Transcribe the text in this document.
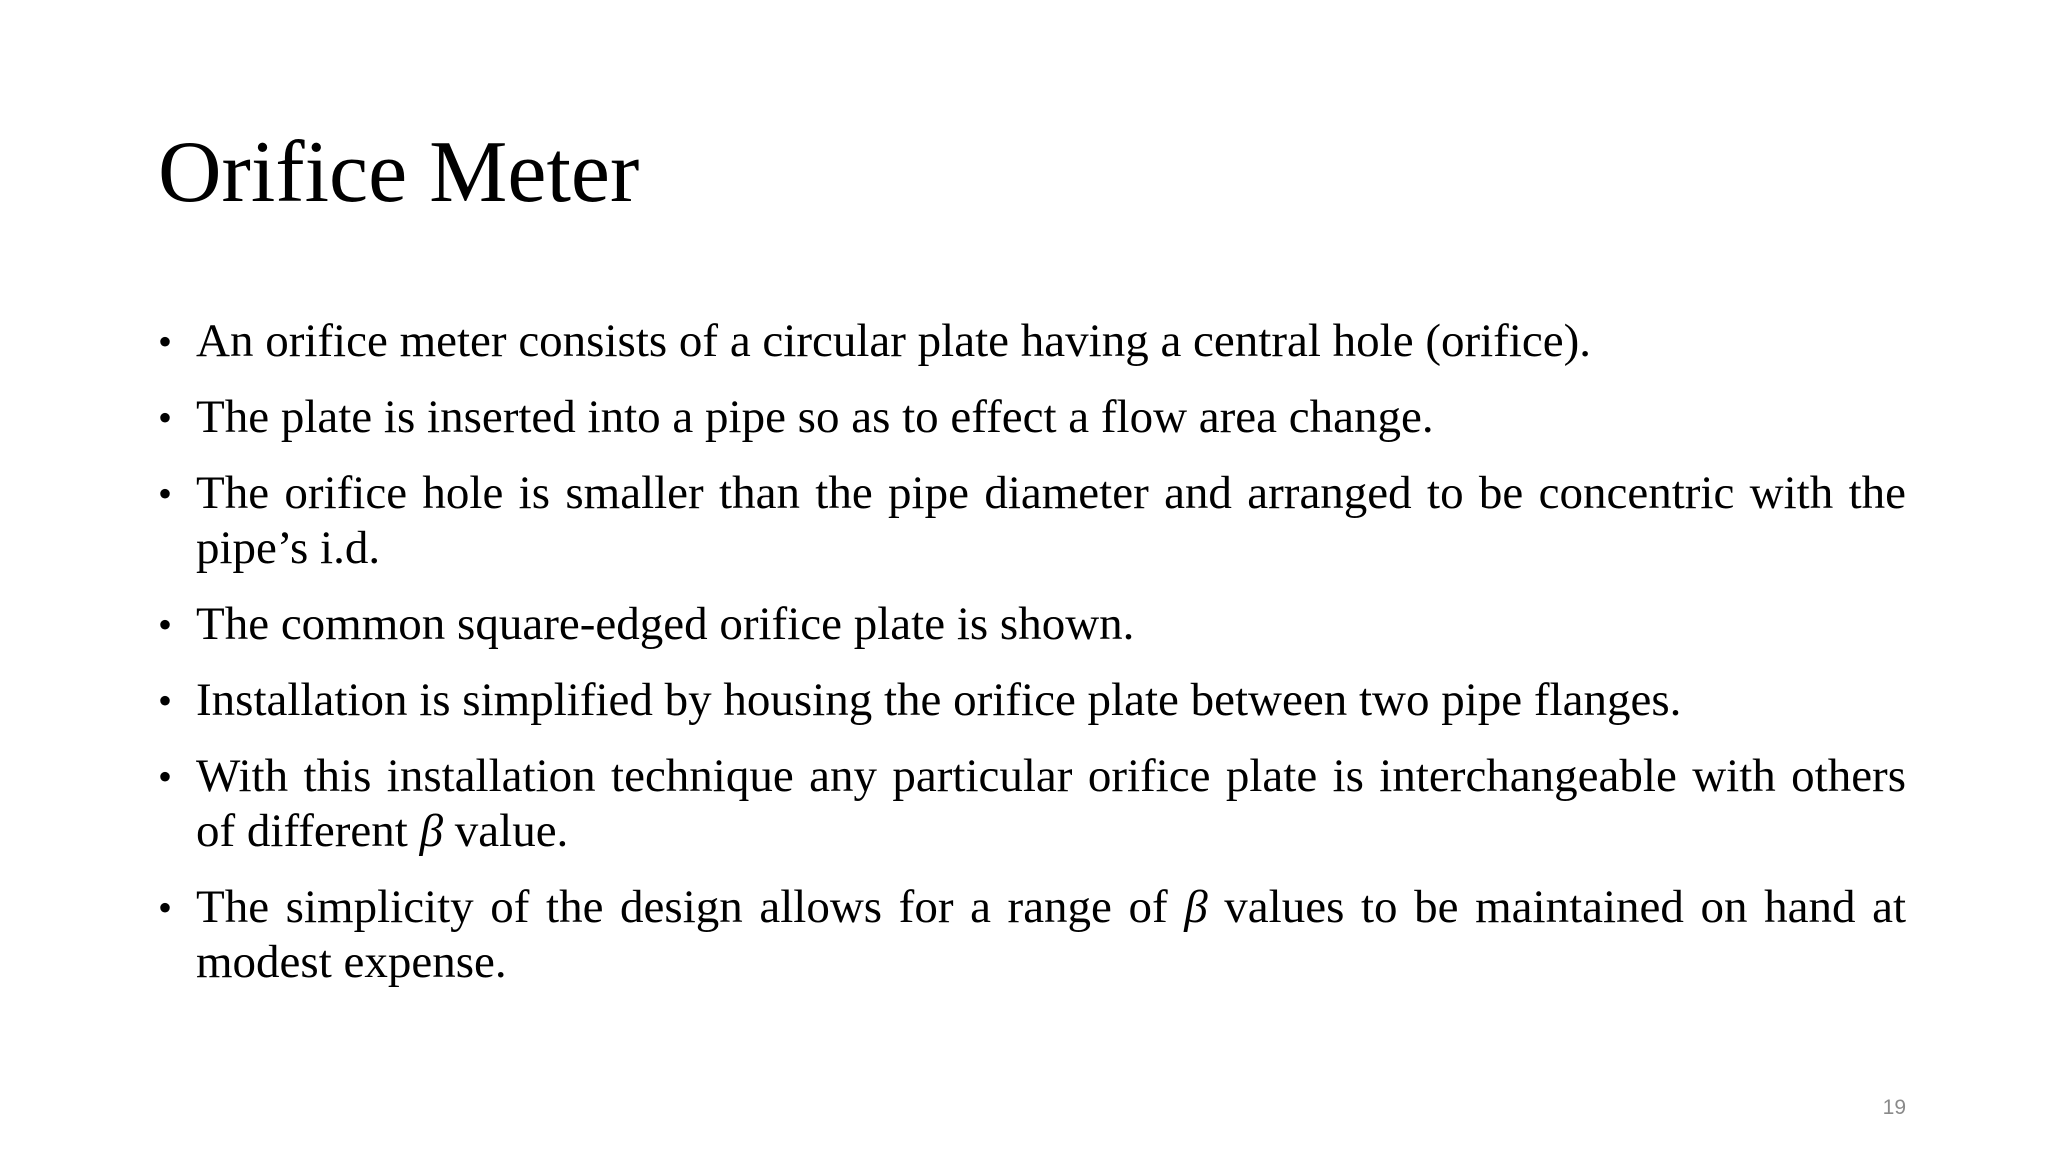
Orifice Meter
• An orifice meter consists of a circular plate having a central hole (orifice).
• The plate is inserted into a pipe so as to effect a flow area change.
• The orifice hole is smaller than the pipe diameter and arranged to be concentric with the pipe’s i.d.
• The common square-edged orifice plate is shown.
• Installation is simplified by housing the orifice plate between two pipe flanges.
• With this installation technique any particular orifice plate is interchangeable with others of different β value.
• The simplicity of the design allows for a range of β values to be maintained on hand at modest expense.
19
